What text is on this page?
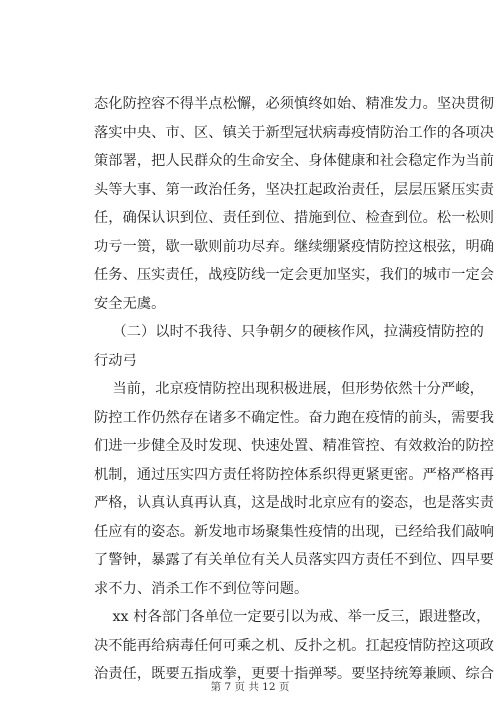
态化防控容不得半点松懈，必须慎终如始、精准发力。坚决贯彻
落实中央、市、区、镇关于新型冠状病毒疫情防治工作的各项决
策部署，把人民群众的生命安全、身体健康和社会稳定作为当前
头等大事、第一政治任务，坚决扛起政治责任，层层压紧压实责
任，确保认识到位、责任到位、措施到位、检查到位。松一松则
功亏一篑，歇一歇则前功尽弃。继续绷紧疫情防控这根弦，明确
任务、压实责任，战疫防线一定会更加坚实，我们的城市一定会
安全无虞。

（二）以时不我待、只争朝夕的硬核作风，拉满疫情防控的
行动弓

当前，北京疫情防控出现积极进展，但形势依然十分严峻，
防控工作仍然存在诸多不确定性。奋力跑在疫情的前头，需要我
们进一步健全及时发现、快速处置、精准管控、有效救治的防控
机制，通过压实四方责任将防控体系织得更紧更密。严格严格再
严格，认真认真再认真，这是战时北京应有的姿态，也是落实责
任应有的姿态。新发地市场聚集性疫情的出现，已经给我们敲响
了警钟，暴露了有关单位有关人员落实四方责任不到位、四早要
求不力、消杀工作不到位等问题。

xx 村各部门各单位一定要引以为戒、举一反三，跟进整改，
决不能再给病毒任何可乘之机、反扑之机。扛起疫情防控这项政
治责任，既要五指成拳，更要十指弹琴。要坚持统筹兼顾、综合

第 7 页 共 12 页
